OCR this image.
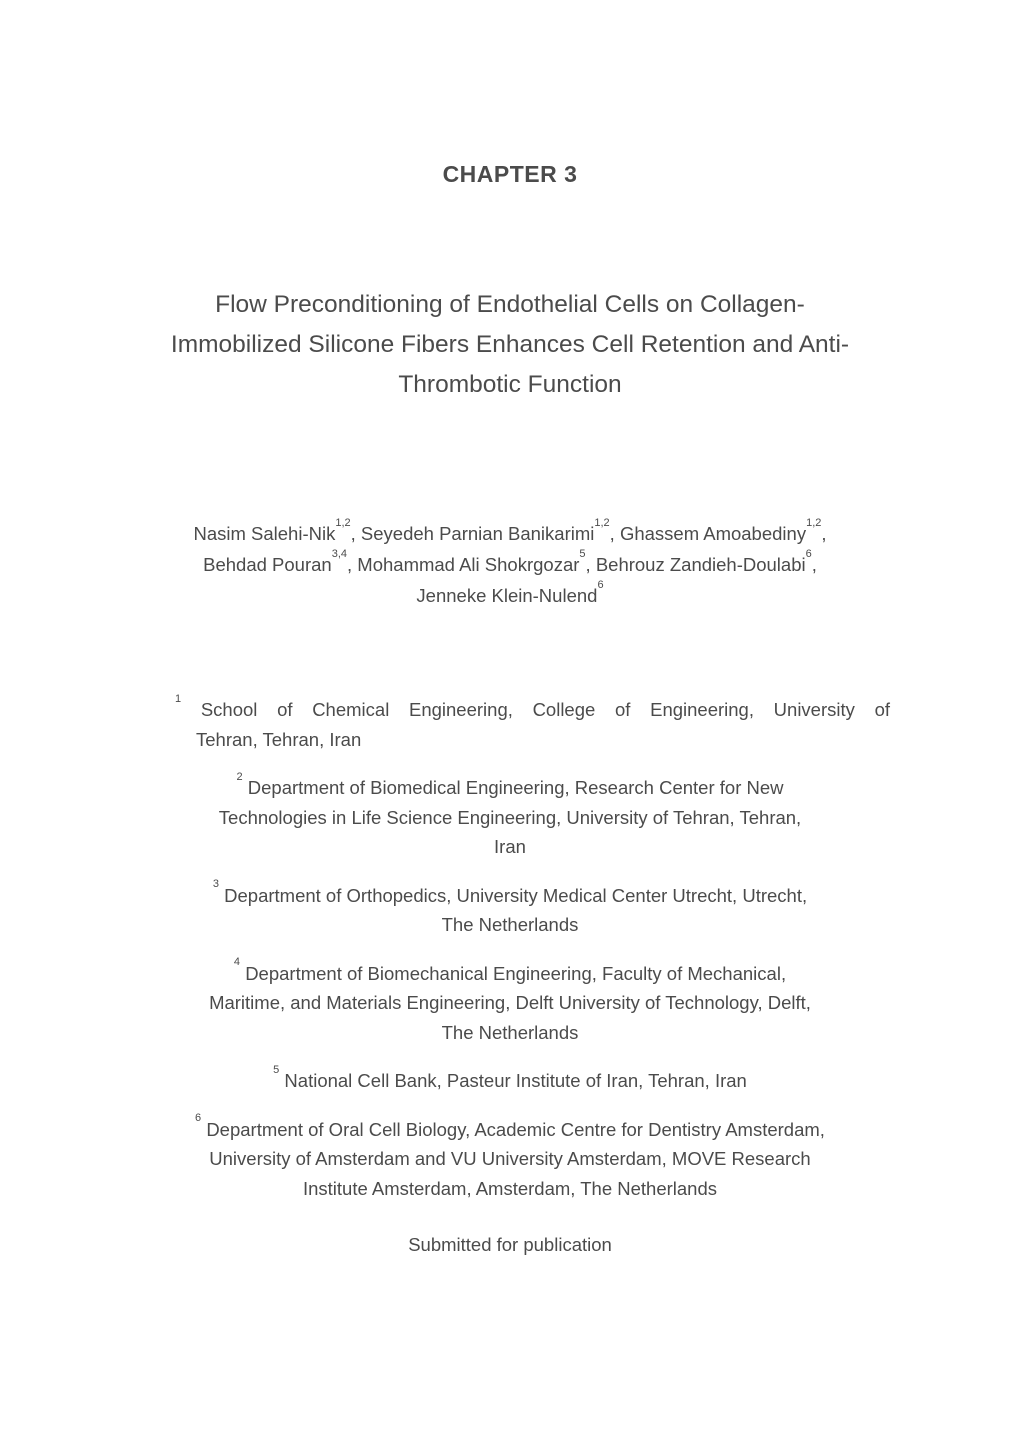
CHAPTER 3
Flow Preconditioning of Endothelial Cells on Collagen-
Immobilized Silicone Fibers Enhances Cell Retention and Anti-
Thrombotic Function

Nasim Salehi-Nik$^{1,2}$, Seyedeh Parnian Banikarimi$^{1,2}$, Ghassem Amoabediny$^{1,2}$,
Behdad Pouran$^{3,4}$, Mohammad Ali Shokrgozar$^5$, Behrouz Zandieh-Doulabi$^6$,
Jenneke Klein-Nulend$^6$

$^1$ School of Chemical Engineering, College of Engineering, University of
Tehran, Tehran, Iran

$^2$ Department of Biomedical Engineering, Research Center for New
Technologies in Life Science Engineering, University of Tehran, Tehran,
Iran

$^3$ Department of Orthopedics, University Medical Center Utrecht, Utrecht,
The Netherlands

$^4$ Department of Biomechanical Engineering, Faculty of Mechanical,
Maritime, and Materials Engineering, Delft University of Technology, Delft,
The Netherlands

$^5$ National Cell Bank, Pasteur Institute of Iran, Tehran, Iran

$^6$ Department of Oral Cell Biology, Academic Centre for Dentistry Amsterdam,
University of Amsterdam and VU University Amsterdam, MOVE Research
Institute Amsterdam, Amsterdam, The Netherlands

Submitted for publication
